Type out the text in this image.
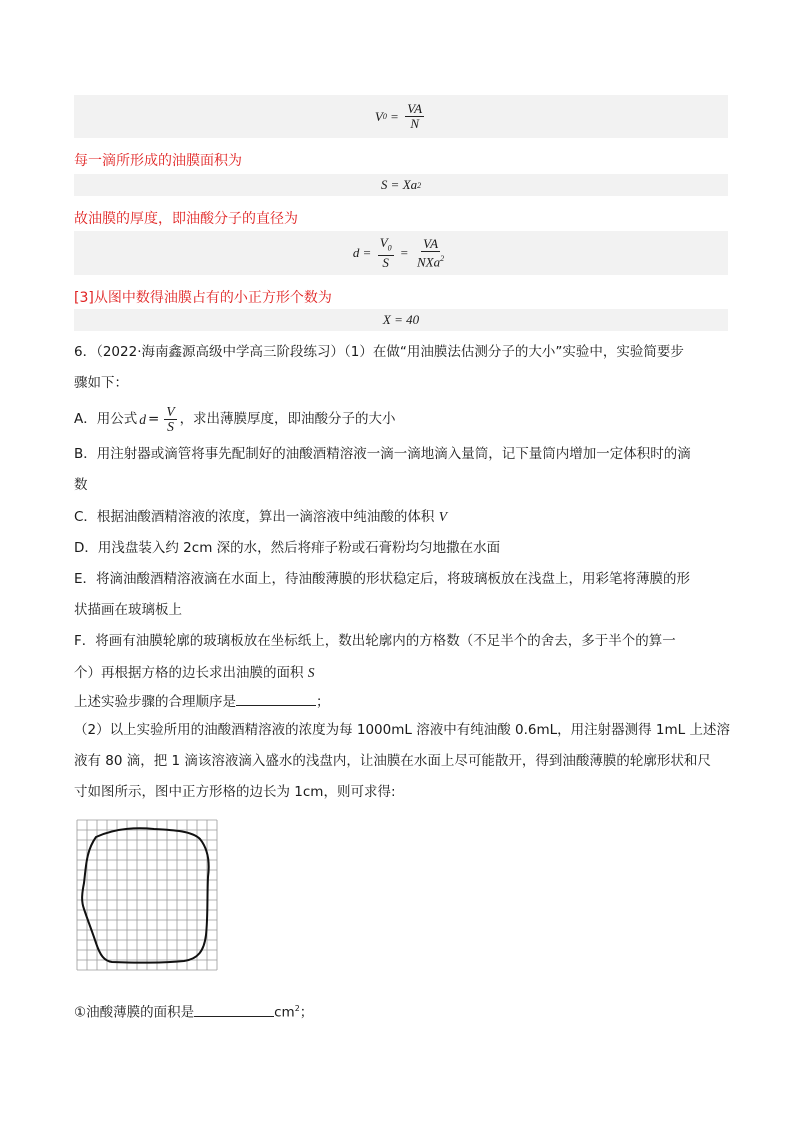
V $0 = \frac{VA}{N}$
每一滴所形成的油膜面积为
S = Xa 2
故油膜的厚度，即油酸分子的直径为
$d = \frac{V_0}{S} = \frac{VA}{NXa^2}$
[3]从图中数得油膜占有的小正方形个数为
X = 40
6．（2022·海南鑫源高级中学高三阶段练习）（1）在做“用油膜法估测分子的大小”实验中，实验简要步
骤如下：
A．用公式 $d = \frac{V}{S}$ ，求出薄膜厚度，即油酸分子的大小
B．用注射器或滴管将事先配制好的油酸酒精溶液一滴一滴地滴入量筒，记下量筒内增加一定体积时的滴
数
C．根据油酸酒精溶液的浓度，算出一滴溶液中纯油酸的体积 V
D．用浅盘装入约 2cm 深的水，然后将痱子粉或石膏粉均匀地撒在水面
E．将滴油酸酒精溶液滴在水面上，待油酸薄膜的形状稳定后，将玻璃板放在浅盘上，用彩笔将薄膜的形
状描画在玻璃板上
F．将画有油膜轮廓的玻璃板放在坐标纸上，数出轮廓内的方格数（不足半个的舍去，多于半个的算一
个）再根据方格的边长求出油膜的面积 S
上述实验步骤的合理顺序是	；
（2）以上实验所用的油酸酒精溶液的浓度为每 1000mL 溶液中有纯油酸 0.6mL，用注射器测得 1mL 上述溶
液有 80 滴，把 1 滴该溶液滴入盛水的浅盘内，让油膜在水面上尽可能散开，得到油酸薄膜的轮廓形状和尺
寸如图所示，图中正方形格的边长为 1cm，则可求得:
①油酸薄膜的面积是	$cm^2$；
